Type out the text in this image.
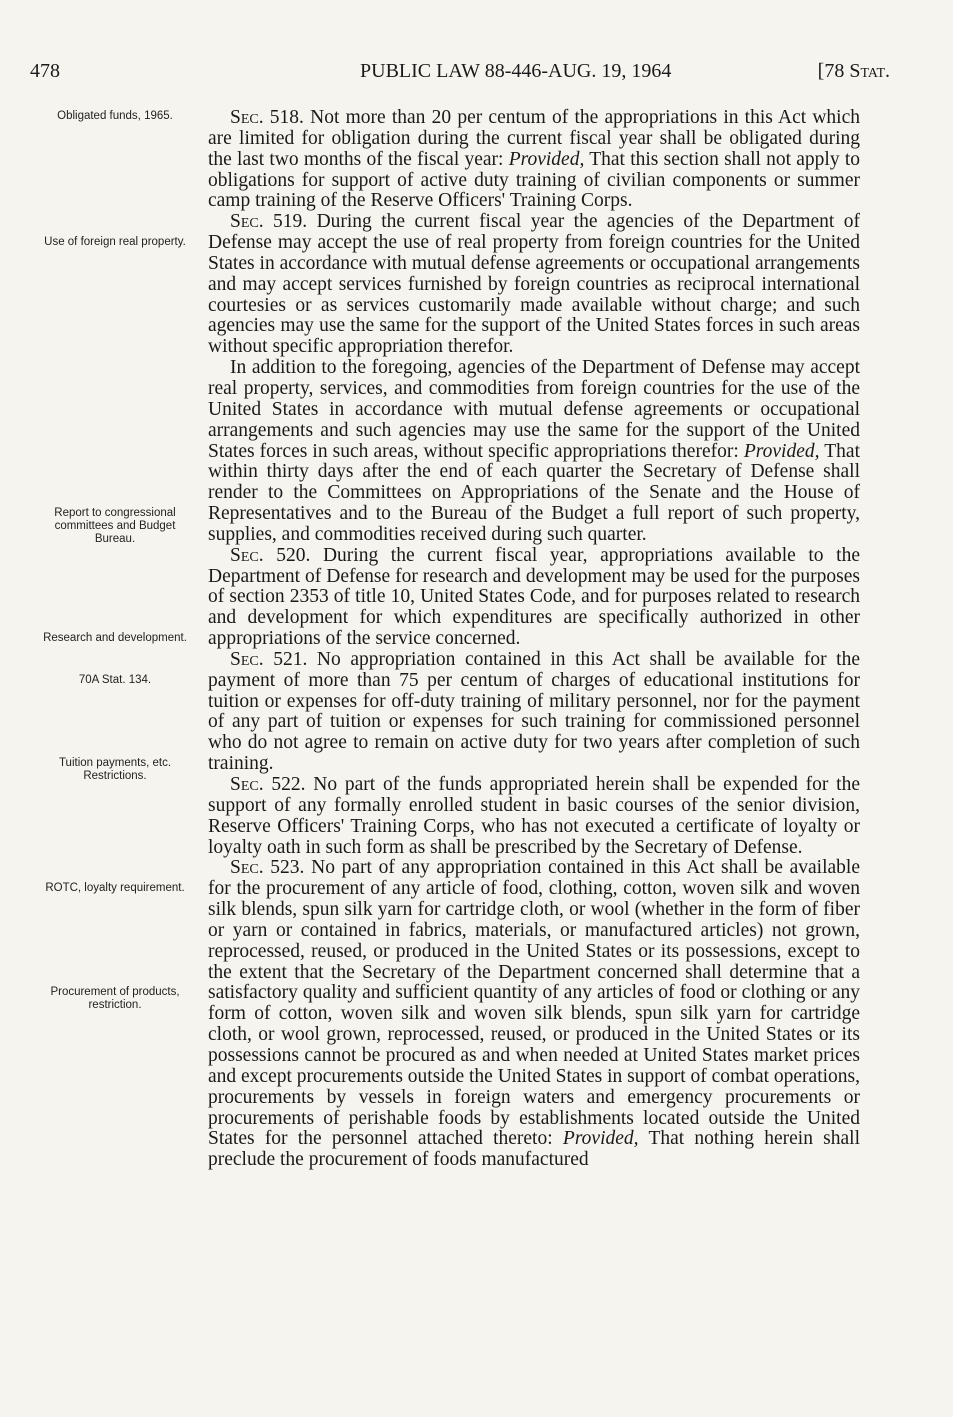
478	PUBLIC LAW 88-446-AUG. 19, 1964	[78 Stat.
Obligated funds, 1965.
Use of foreign real property.
Report to congressional committees and Budget Bureau.
Research and development.
70A Stat. 134.
Tuition payments, etc. Restrictions.
ROTC, loyalty requirement.
Procurement of products, restriction.

Sec. 518. Not more than 20 per centum of the appropriations in this Act which are limited for obligation during the current fiscal year shall be obligated during the last two months of the fiscal year: Provided, That this section shall not apply to obligations for support of active duty training of civilian components or summer camp training of the Reserve Officers' Training Corps.

Sec. 519. During the current fiscal year the agencies of the Department of Defense may accept the use of real property from foreign countries for the United States in accordance with mutual defense agreements or occupational arrangements and may accept services furnished by foreign countries as reciprocal international courtesies or as services customarily made available without charge; and such agencies may use the same for the support of the United States forces in such areas without specific appropriation therefor.

In addition to the foregoing, agencies of the Department of Defense may accept real property, services, and commodities from foreign countries for the use of the United States in accordance with mutual defense agreements or occupational arrangements and such agencies may use the same for the support of the United States forces in such areas, without specific appropriations therefor: Provided, That within thirty days after the end of each quarter the Secretary of Defense shall render to the Committees on Appropriations of the Senate and the House of Representatives and to the Bureau of the Budget a full report of such property, supplies, and commodities received during such quarter.

Sec. 520. During the current fiscal year, appropriations available to the Department of Defense for research and development may be used for the purposes of section 2353 of title 10, United States Code, and for purposes related to research and development for which expenditures are specifically authorized in other appropriations of the service concerned.

Sec. 521. No appropriation contained in this Act shall be available for the payment of more than 75 per centum of charges of educational institutions for tuition or expenses for off-duty training of military personnel, nor for the payment of any part of tuition or expenses for such training for commissioned personnel who do not agree to remain on active duty for two years after completion of such training.

Sec. 522. No part of the funds appropriated herein shall be expended for the support of any formally enrolled student in basic courses of the senior division, Reserve Officers' Training Corps, who has not executed a certificate of loyalty or loyalty oath in such form as shall be prescribed by the Secretary of Defense.

Sec. 523. No part of any appropriation contained in this Act shall be available for the procurement of any article of food, clothing, cotton, woven silk and woven silk blends, spun silk yarn for cartridge cloth, or wool (whether in the form of fiber or yarn or contained in fabrics, materials, or manufactured articles) not grown, reprocessed, reused, or produced in the United States or its possessions, except to the extent that the Secretary of the Department concerned shall determine that a satisfactory quality and sufficient quantity of any articles of food or clothing or any form of cotton, woven silk and woven silk blends, spun silk yarn for cartridge cloth, or wool grown, reprocessed, reused, or produced in the United States or its possessions cannot be procured as and when needed at United States market prices and except procurements outside the United States in support of combat operations, procurements by vessels in foreign waters and emergency procurements or procurements of perishable foods by establishments located outside the United States for the personnel attached thereto: Provided, That nothing herein shall preclude the procurement of foods manufactured
